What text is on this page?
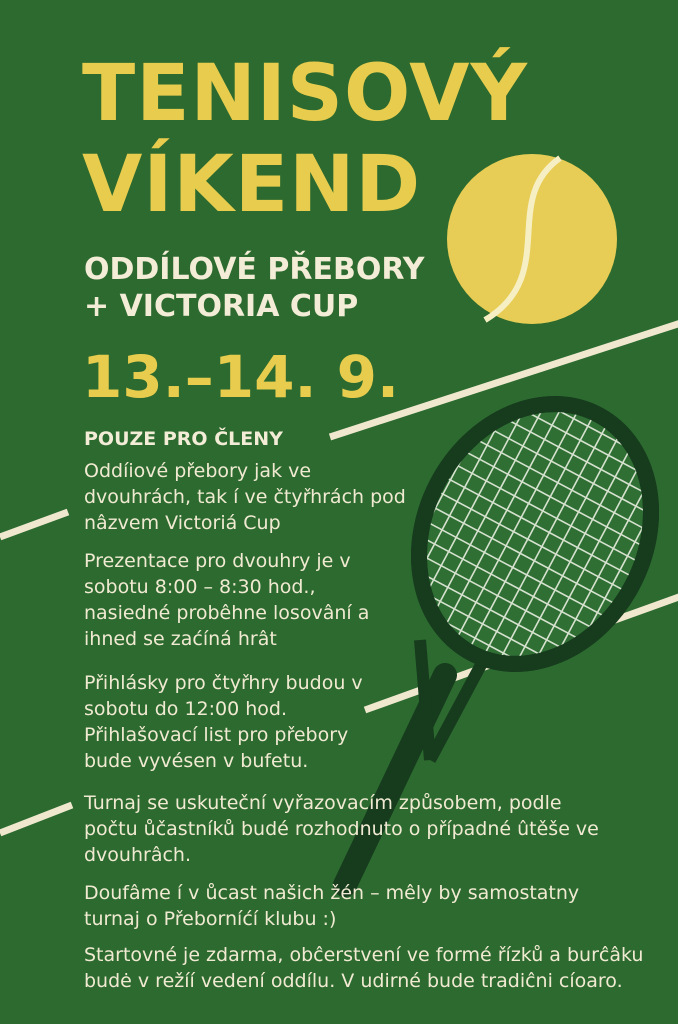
TENISOVÝ
VÍKEND

ODDÍLOVÉ PŘEBORY

+ VICTORIA CUP

13.–14. 9.

POUZE PRO ČLENY

Oddíiové přebory jak ve dvouhrách, tak í ve čtyřhrách pod nâzvem Victoriá Cup

Prezentace pro dvouhry je v sobotu 8:00 – 8:30 hod., nasiedné probêhne losovâní a ihned se zaćíná hrât

Přihlásky pro čtyřhry budou v sobotu do 12:00 hod. Přihlašovací list pro přebory bude vyvésen v bufetu.

Turnaj se uskuteční vyřazovacím způsobem, podle počtu ůčastníků budé rozhodnuto o případné ûtěše ve dvouhrâch.

Doufâme í v ůcast našich žén – mêly by samostatny turnaj o Přeborníćí klubu :)

Startovné je zdarma, obĉerstvení ve formé řízků a burĉâku budė v režíí vedení oddílu. V udirné bude tradiĉni cíoaro.
